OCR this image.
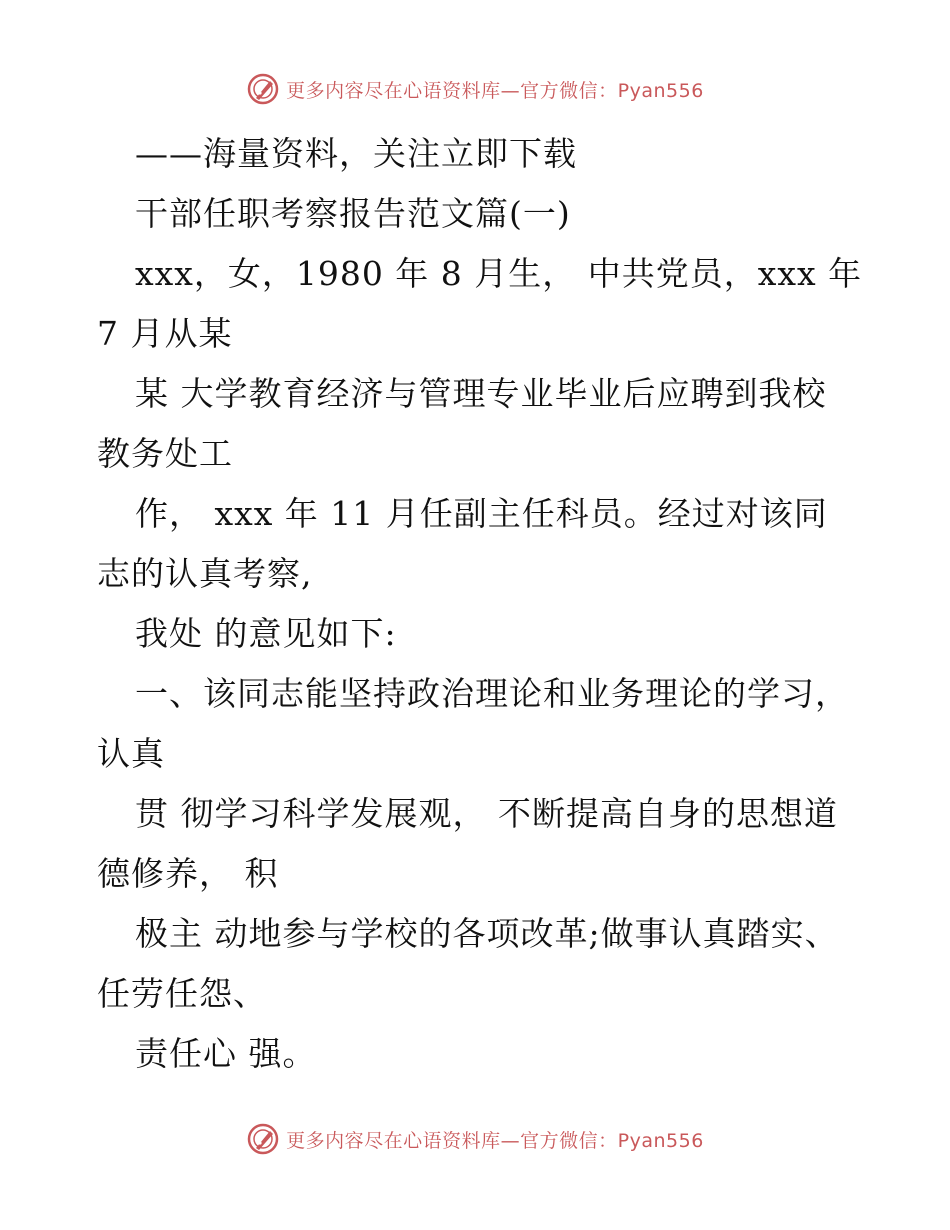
更多内容尽在心语资料库—官方微信：Pyan556
——海量资料，关注立即下载
干部任职考察报告范文篇(一)
xxx，女，1980 年 8 月生， 中共党员，xxx 年
7 月从某
某 大学教育经济与管理专业毕业后应聘到我校
教务处工
作， xxx 年 11 月任副主任科员。经过对该同
志的认真考察,
我处 的意见如下:
一、该同志能坚持政治理论和业务理论的学习，
认真
贯 彻学习科学发展观， 不断提高自身的思想道
德修养， 积
极主 动地参与学校的各项改革;做事认真踏实、
任劳任怨、
责任心 强。
更多内容尽在心语资料库—官方微信：Pyan556
